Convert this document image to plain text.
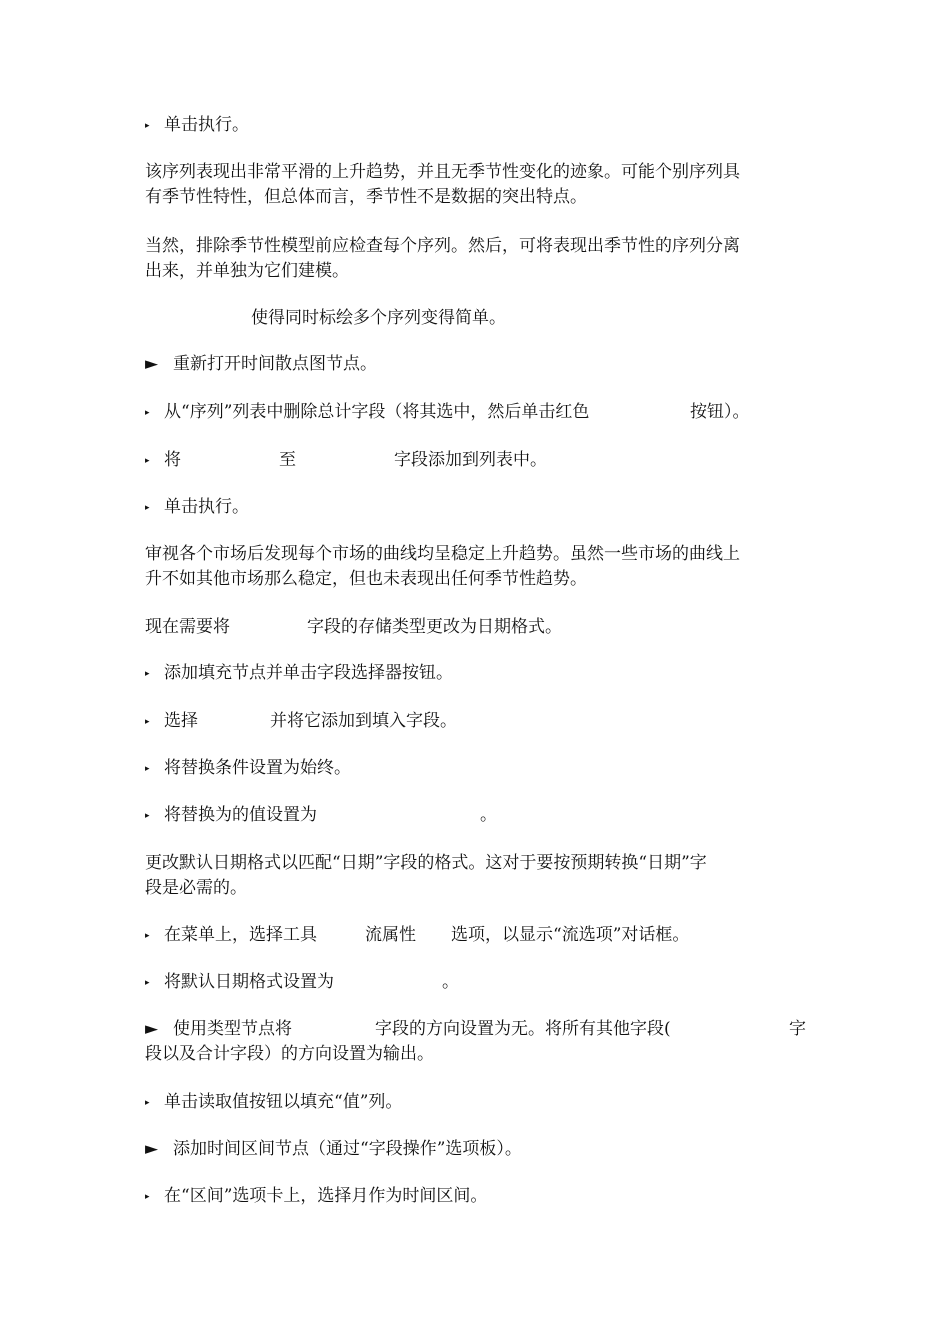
▸ 单击执行。
该序列表现出非常平滑的上升趋势，并且无季节性变化的迹象。可能个别序列具
有季节性特性，但总体而言，季节性不是数据的突出特点。
当然，排除季节性模型前应检查每个序列。然后，可将表现出季节性的序列分离
出来，并单独为它们建模。
使得同时标绘多个序列变得简单。
► 重新打开时间散点图节点。
▸ 从“序列”列表中删除总计字段（将其选中，然后单击红色	按钮）。
▸ 将	至	字段添加到列表中。
▸ 单击执行。
审视各个市场后发现每个市场的曲线均呈稳定上升趋势。虽然一些市场的曲线上
升不如其他市场那么稳定，但也未表现出任何季节性趋势。
现在需要将	字段的存储类型更改为日期格式。
▸ 添加填充节点并单击字段选择器按钮。
▸ 选择	并将它添加到填入字段。
▸ 将替换条件设置为始终。
▸ 将替换为的值设置为	。
更改默认日期格式以匹配“日期”字段的格式。这对于要按预期转换“日期”字
段是必需的。
▸ 在菜单上，选择工具	流属性 选项，以显示“流选项”对话框。
▸ 将默认日期格式设置为	。
► 使用类型节点将	字段的方向设置为无。将所有其他字段(	字
段以及合计字段）的方向设置为输出。
▸ 单击读取值按钮以填充“值”列。
► 添加时间区间节点（通过“字段操作”选项板）。
▸ 在“区间”选项卡上，选择月作为时间区间。
